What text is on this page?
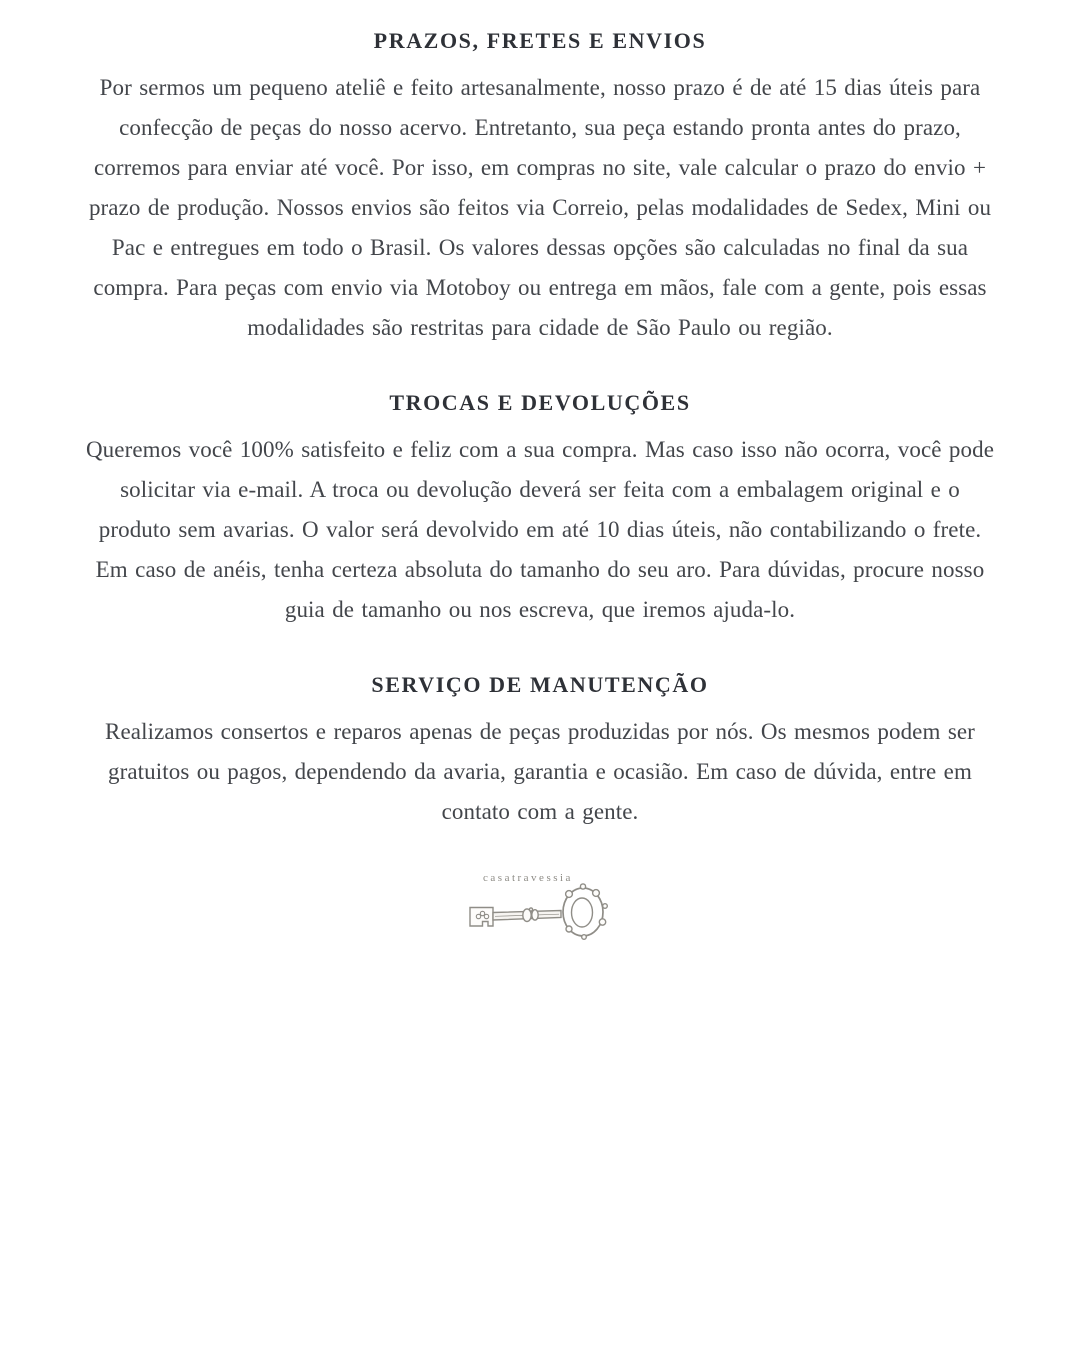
PRAZOS, FRETES E ENVIOS

Por sermos um pequeno ateliê e feito artesanalmente, nosso prazo é de até 15 dias úteis para
confecção de peças do nosso acervo. Entretanto, sua peça estando pronta antes do prazo,
corremos para enviar até você. Por isso, em compras no site, vale calcular o prazo do envio +
prazo de produção. Nossos envios são feitos via Correio, pelas modalidades de Sedex, Mini ou
Pac e entregues em todo o Brasil. Os valores dessas opções são calculadas no final da sua
compra. Para peças com envio via Motoboy ou entrega em mãos, fale com a gente, pois essas
modalidades são restritas para cidade de São Paulo ou região.

TROCAS E DEVOLUÇÕES

Queremos você 100% satisfeito e feliz com a sua compra. Mas caso isso não ocorra, você pode
solicitar via e-mail. A troca ou devolução deverá ser feita com a embalagem original e o
produto sem avarias. O valor será devolvido em até 10 dias úteis, não contabilizando o frete.
Em caso de anéis, tenha certeza absoluta do tamanho do seu aro. Para dúvidas, procure nosso
guia de tamanho ou nos escreva, que iremos ajuda-lo.

SERVIÇO DE MANUTENÇÃO

Realizamos consertos e reparos apenas de peças produzidas por nós. Os mesmos podem ser
gratuitos ou pagos, dependendo da avaria, garantia e ocasião. Em caso de dúvida, entre em
contato com a gente.

casatravessia
